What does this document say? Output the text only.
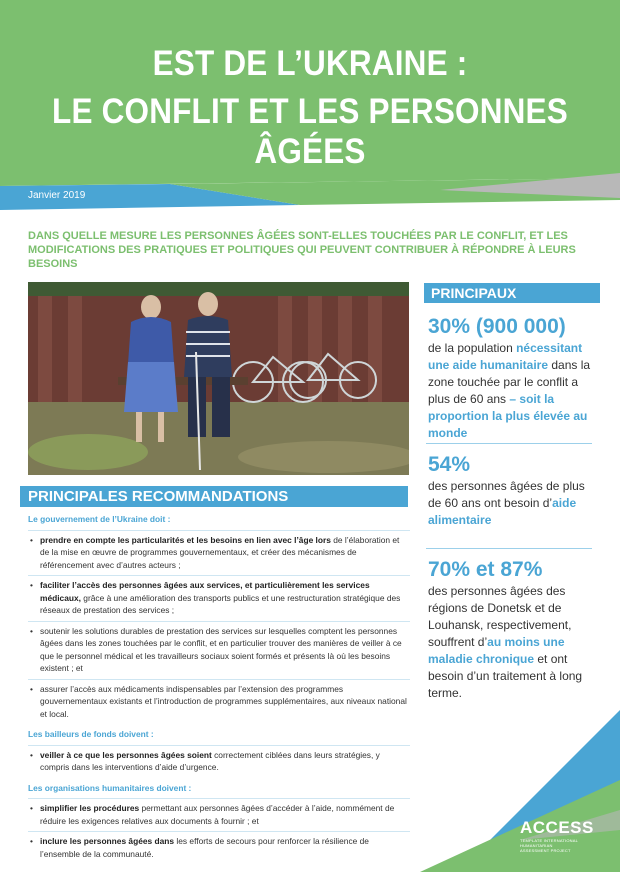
EST DE L’UKRAINE :
LE CONFLIT ET LES PERSONNES ÂGÉES
Janvier 2019
DANS QUELLE MESURE LES PERSONNES ÂGÉES SONT-ELLES TOUCHÉES PAR LE CONFLIT, ET LES MODIFICATIONS DES PRATIQUES ET POLITIQUES QUI PEUVENT CONTRIBUER À RÉPONDRE À LEURS BESOINS
PRINCIPALES RECOMMANDATIONS
Le gouvernement de l’Ukraine doit :
• prendre en compte les particularités et les besoins en lien avec l’âge lors de l’élaboration et de la mise en œuvre de programmes gouvernementaux, et créer des mécanismes de référencement avec d’autres acteurs ;
• faciliter l’accès des personnes âgées aux services, et particulièrement les services médicaux, grâce à une amélioration des transports publics et une restructuration stratégique des réseaux de prestation des services ;
• soutenir les solutions durables de prestation des services sur lesquelles comptent les personnes âgées dans les zones touchées par le conflit, et en particulier trouver des manières de veiller à ce que le personnel médical et les travailleurs sociaux soient formés et présents là où les besoins existent ; et
• assurer l’accès aux médicaments indispensables par l’extension des programmes gouvernementaux existants et l’introduction de programmes supplémentaires, aux niveaux national et local.
Les bailleurs de fonds doivent :
• veiller à ce que les personnes âgées soient correctement ciblées dans leurs stratégies, y compris dans les interventions d’aide d’urgence.
Les organisations humanitaires doivent :
• simplifier les procédures permettant aux personnes âgées d’accéder à l’aide, nommément de réduire les exigences relatives aux documents à fournir ; et
• inclure les personnes âgées dans les efforts de secours pour renforcer la résilience de l’ensemble de la communauté.
PRINCIPAUX
30% (900 000)
de la population nécessitant une aide humanitaire dans la zone touchée par le conflit a plus de 60 ans – soit la proportion la plus élevée au monde
54%
des personnes âgées de plus de 60 ans ont besoin d’aide alimentaire
70% et 87%
des personnes âgées des régions de Donetsk et de Louhansk, respectivement, souffrent d’au moins une maladie chronique et ont besoin d’un traitement à long terme.
ACCESS
TEMPLATE INTERNATIONAL HUMANITARIAN
ASSESSMENT PROJECT
